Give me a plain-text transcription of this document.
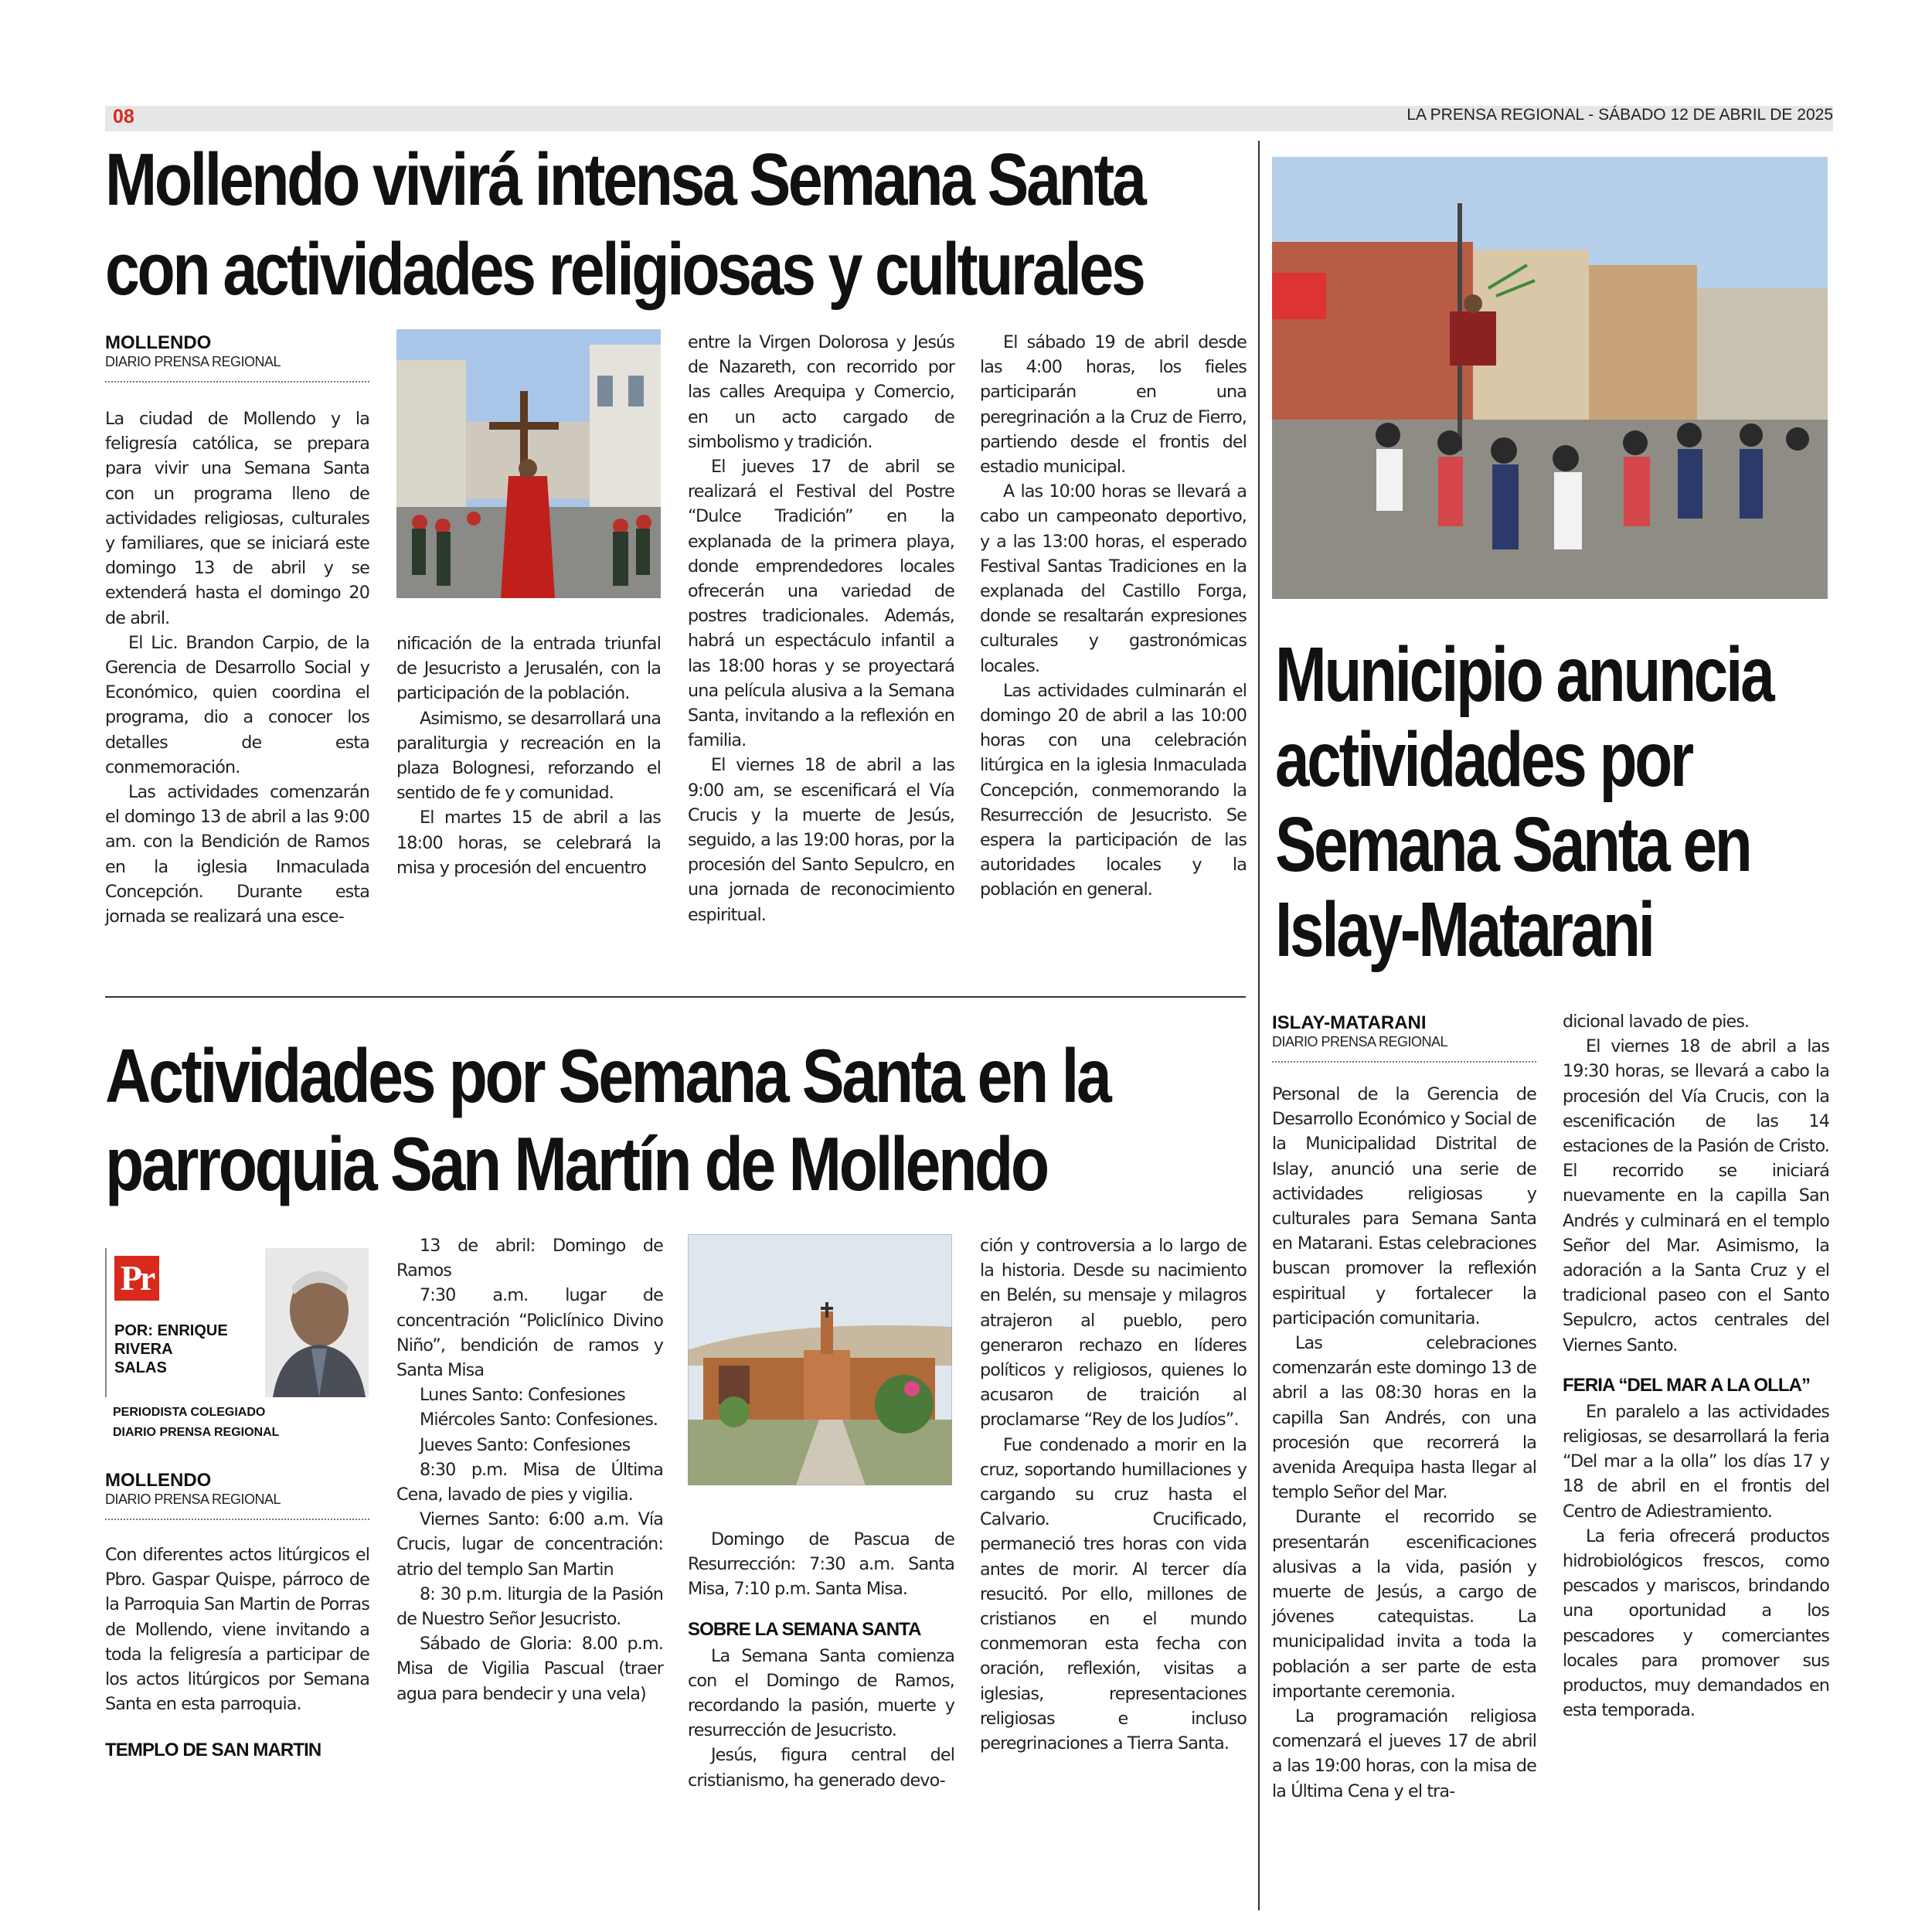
08	LA PRENSA REGIONAL - SÁBADO 12 DE ABRIL DE 2025
Mollendo vivirá intensa Semana Santa
con actividades religiosas y culturales
MOLLENDO
DIARIO PRENSA REGIONAL

La ciudad de Mollendo y la feligresía católica, se prepara para vivir una Semana Santa con un programa lleno de actividades religiosas, culturales y familiares, que se iniciará este domingo 13 de abril y se extenderá hasta el domingo 20 de abril.

El Lic. Brandon Carpio, de la Gerencia de Desarrollo Social y Económico, quien coordina el programa, dio a conocer los detalles de esta conmemoración.

Las actividades comenzarán el domingo 13 de abril a las 9:00 am. con la Bendición de Ramos en la iglesia Inmaculada Concepción. Durante esta jornada se realizará una esce-

nificación de la entrada triunfal de Jesucristo a Jerusalén, con la participación de la población.

Asimismo, se desarrollará una paraliturgia y recreación en la plaza Bolognesi, reforzando el sentido de fe y comunidad.

El martes 15 de abril a las 18:00 horas, se celebrará la misa y procesión del encuentro

entre la Virgen Dolorosa y Jesús de Nazareth, con recorrido por las calles Arequipa y Comercio, en un acto cargado de simbolismo y tradición.

El jueves 17 de abril se realizará el Festival del Postre “Dulce Tradición” en la explanada de la primera playa, donde emprendedores locales ofrecerán una variedad de postres tradicionales. Además, habrá un espectáculo infantil a las 18:00 horas y se proyectará una película alusiva a la Semana Santa, invitando a la reflexión en familia.

El viernes 18 de abril a las 9:00 am, se escenificará el Vía Crucis y la muerte de Jesús, seguido, a las 19:00 horas, por la procesión del Santo Sepulcro, en una jornada de reconocimiento espiritual.

El sábado 19 de abril desde las 4:00 horas, los fieles participarán en una peregrinación a la Cruz de Fierro, partiendo desde el frontis del estadio municipal.

A las 10:00 horas se llevará a cabo un campeonato deportivo, y a las 13:00 horas, el esperado Festival Santas Tradiciones en la explanada del Castillo Forga, donde se resaltarán expresiones culturales y gastronómicas locales.

Las actividades culminarán el domingo 20 de abril a las 10:00 horas con una celebración litúrgica en la iglesia Inmaculada Concepción, conmemorando la Resurrección de Jesucristo. Se espera la participación de las autoridades locales y la población en general.

Municipio anuncia
actividades por
Semana Santa en
Islay-Matarani
ISLAY-MATARANI
DIARIO PRENSA REGIONAL

Personal de la Gerencia de Desarrollo Económico y Social de la Municipalidad Distrital de Islay, anunció una serie de actividades religiosas y culturales para Semana Santa en Matarani. Estas celebraciones buscan promover la reflexión espiritual y fortalecer la participación comunitaria.

Las celebraciones comenzarán este domingo 13 de abril a las 08:30 horas en la capilla San Andrés, con una procesión que recorrerá la avenida Arequipa hasta llegar al templo Señor del Mar.

Durante el recorrido se presentarán escenificaciones alusivas a la vida, pasión y muerte de Jesús, a cargo de jóvenes catequistas. La municipalidad invita a toda la población a ser parte de esta importante ceremonia.

La programación religiosa comenzará el jueves 17 de abril a las 19:00 horas, con la misa de la Última Cena y el tra-

dicional lavado de pies.

El viernes 18 de abril a las 19:30 horas, se llevará a cabo la procesión del Vía Crucis, con la escenificación de las 14 estaciones de la Pasión de Cristo. El recorrido se iniciará nuevamente en la capilla San Andrés y culminará en el templo Señor del Mar. Asimismo, la adoración a la Santa Cruz y el tradicional paseo con el Santo Sepulcro, actos centrales del Viernes Santo.

FERIA “DEL MAR A LA OLLA”

En paralelo a las actividades religiosas, se desarrollará la feria “Del mar a la olla” los días 17 y 18 de abril en el frontis del Centro de Adiestramiento.

La feria ofrecerá productos hidrobiológicos frescos, como pescados y mariscos, brindando una oportunidad a los pescadores y comerciantes locales para promover sus productos, muy demandados en esta temporada.

Actividades por Semana Santa en la
parroquia San Martín de Mollendo
Pr
POR: ENRIQUE
RIVERA
SALAS
PERIODISTA COLEGIADO
DIARIO PRENSA REGIONAL
MOLLENDO
DIARIO PRENSA REGIONAL

Con diferentes actos litúrgicos el Pbro. Gaspar Quispe, párroco de la Parroquia San Martin de Porras de Mollendo, viene invitando a toda la feligresía a participar de los actos litúrgicos por Semana Santa en esta parroquia.

TEMPLO DE SAN MARTIN

13 de abril: Domingo de Ramos

7:30 a.m. lugar de concentración “Policlínico Divino Niño”, bendición de ramos y Santa Misa

Lunes Santo: Confesiones

Miércoles Santo: Confesiones.

Jueves Santo: Confesiones

8:30 p.m. Misa de Última Cena, lavado de pies y vigilia.

Viernes Santo: 6:00 a.m. Vía Crucis, lugar de concentración: atrio del templo San Martin

8: 30 p.m. liturgia de la Pasión de Nuestro Señor Jesucristo.

Sábado de Gloria: 8.00 p.m. Misa de Vigilia Pascual (traer agua para bendecir y una vela)

Domingo de Pascua de Resurrección: 7:30 a.m. Santa Misa, 7:10 p.m. Santa Misa.

SOBRE LA SEMANA SANTA

La Semana Santa comienza con el Domingo de Ramos, recordando la pasión, muerte y resurrección de Jesucristo.

Jesús, figura central del cristianismo, ha generado devo-

ción y controversia a lo largo de la historia. Desde su nacimiento en Belén, su mensaje y milagros atrajeron al pueblo, pero generaron rechazo en líderes políticos y religiosos, quienes lo acusaron de traición al proclamarse “Rey de los Judíos”.

Fue condenado a morir en la cruz, soportando humillaciones y cargando su cruz hasta el Calvario. Crucificado, permaneció tres horas con vida antes de morir. Al tercer día resucitó. Por ello, millones de cristianos en el mundo conmemoran esta fecha con oración, reflexión, visitas a iglesias, representaciones religiosas e incluso peregrinaciones a Tierra Santa.
